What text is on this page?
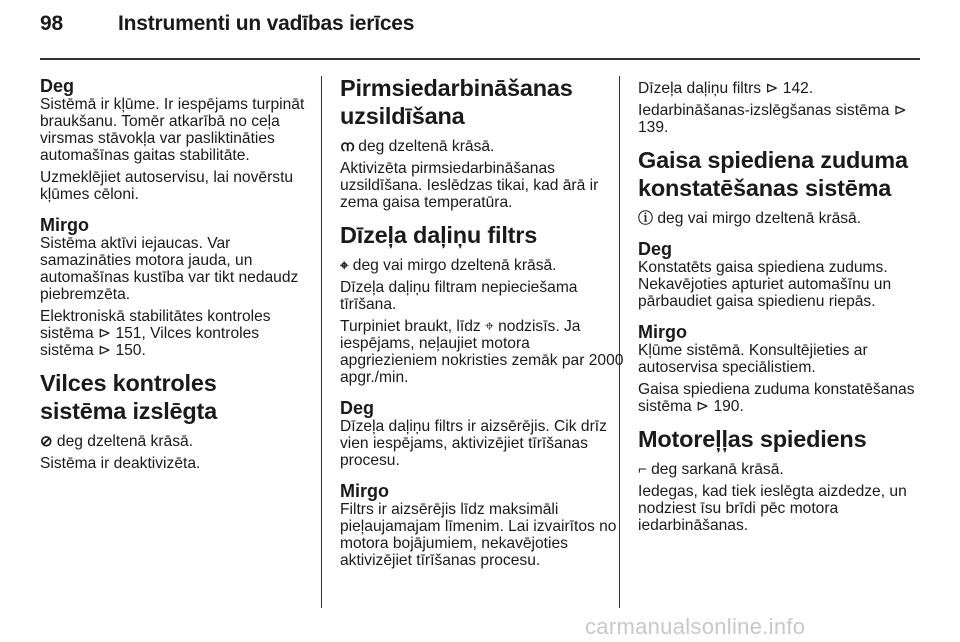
98	Instrumenti un vadības ierīces
Deg

Sistēmā ir kļūme. Ir iespējams turpināt braukšanu. Tomēr atkarībā no ceļa virsmas stāvokļa var pasliktināties automašīnas gaitas stabilitāte.

Uzmeklējiet autoservisu, lai novērstu kļūmes cēloni.

Mirgo

Sistēma aktīvi iejaucas. Var samazināties motora jauda, un automašīnas kustība var tikt nedaudz piebremzēta.

Elektroniskā stabilitātes kontroles sistēma ⊳ 151, Vilces kontroles sistēma ⊳ 150.

Vilces kontroles sistēma izslēgta

⊘ deg dzeltenā krāsā.

Sistēma ir deaktivizēta.

Pirmsiedarbināšanas uzsildīšana

ന deg dzeltenā krāsā.

Aktivizēta pirmsiedarbināšanas uzsildīšana. Ieslēdzas tikai, kad ārā ir zema gaisa temperatūra.

Dīzeļa daļiņu filtrs

⌖ deg vai mirgo dzeltenā krāsā.

Dīzeļa daļiņu filtram nepieciešama tīrīšana.

Turpiniet braukt, līdz ⌖ nodzisīs. Ja iespējams, neļaujiet motora apgriezieniem nokristies zemāk par 2000 apgr./min.

Deg

Dīzeļa daļiņu filtrs ir aizsērējis. Cik drīz vien iespējams, aktivizējiet tīrīšanas procesu.

Mirgo

Filtrs ir aizsērējis līdz maksimāli pieļaujamajam līmenim. Lai izvairītos no motora bojājumiem, nekavējoties aktivizējiet tīrīšanas procesu.

Dīzeļa daļiņu filtrs ⊳ 142.

Iedarbināšanas-izslēgšanas sistēma ⊳ 139.

Gaisa spiediena zuduma konstatēšanas sistēma

ⓘ deg vai mirgo dzeltenā krāsā.

Deg

Konstatēts gaisa spiediena zudums. Nekavējoties apturiet automašīnu un pārbaudiet gaisa spiedienu riepās.

Mirgo

Kļūme sistēmā. Konsultējieties ar autoservisa speciālistiem.

Gaisa spiediena zuduma konstatēšanas sistēma ⊳ 190.

Motoreļļas spiediens

⌐ deg sarkanā krāsā.

Iedegas, kad tiek ieslēgta aizdedze, un nodziest īsu brīdi pēc motora iedarbināšanas.

carmanualsonline.info
